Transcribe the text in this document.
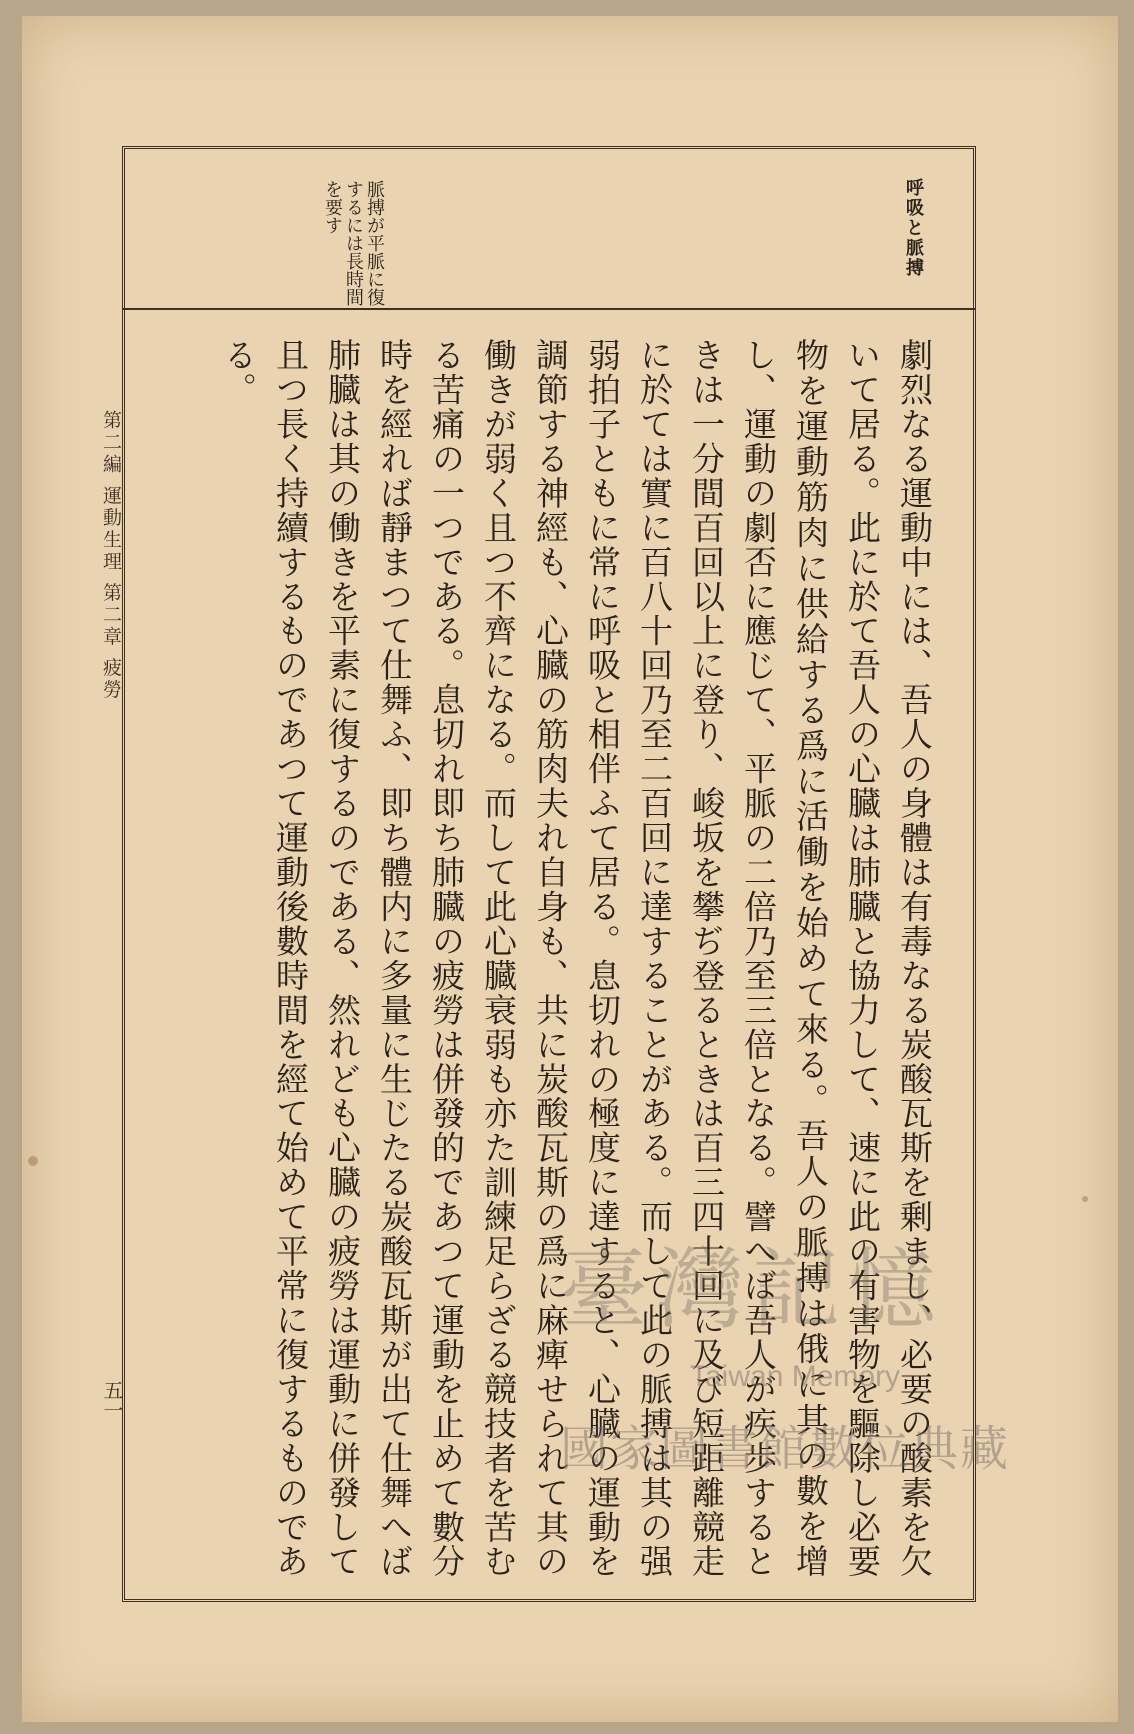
呼吸と脈搏
脈搏が平脈に復するには長時間を要す
劇烈なる運動中には、吾人の身體は有毒なる炭酸瓦斯を剰まし、必要の酸素を欠いて居る。此に於て吾人の心臓は肺臓と協力して、速に此の有害物を驅除し必要物を運動筋肉に供給する爲に活働を始めて來る。吾人の脈搏は俄に其の數を增し、運動の劇否に應じて、平脈の二倍乃至三倍となる。譬へば吾人が疾歩するときは一分間百回以上に登り、峻坂を攀ぢ登るときは百三四十回に及び短距離競走に於ては實に百八十回乃至二百回に達することがある。而して此の脈搏は其の强弱拍子ともに常に呼吸と相伴ふて居る。息切れの極度に達すると、心臓の運動を調節する神經も、心臓の筋肉夫れ自身も、共に炭酸瓦斯の爲に麻痺せられて其の働きが弱く且つ不齊になる。而して此心臓衰弱も亦た訓練足らざる競技者を苦むる苦痛の一つである。息切れ即ち肺臓の疲勞は併發的であつて運動を止めて數分時を經れば靜まつて仕舞ふ、即ち體内に多量に生じたる炭酸瓦斯が出て仕舞へば肺臓は其の働きを平素に復するのである、然れども心臓の疲勞は運動に併發して且つ長く持續するものであつて運動後數時間を經て始めて平常に復するものである。
第二編 運動生理 第二章 疲勞
五一
臺灣記憶
Taiwan Memory
國家圖書館數位典藏
